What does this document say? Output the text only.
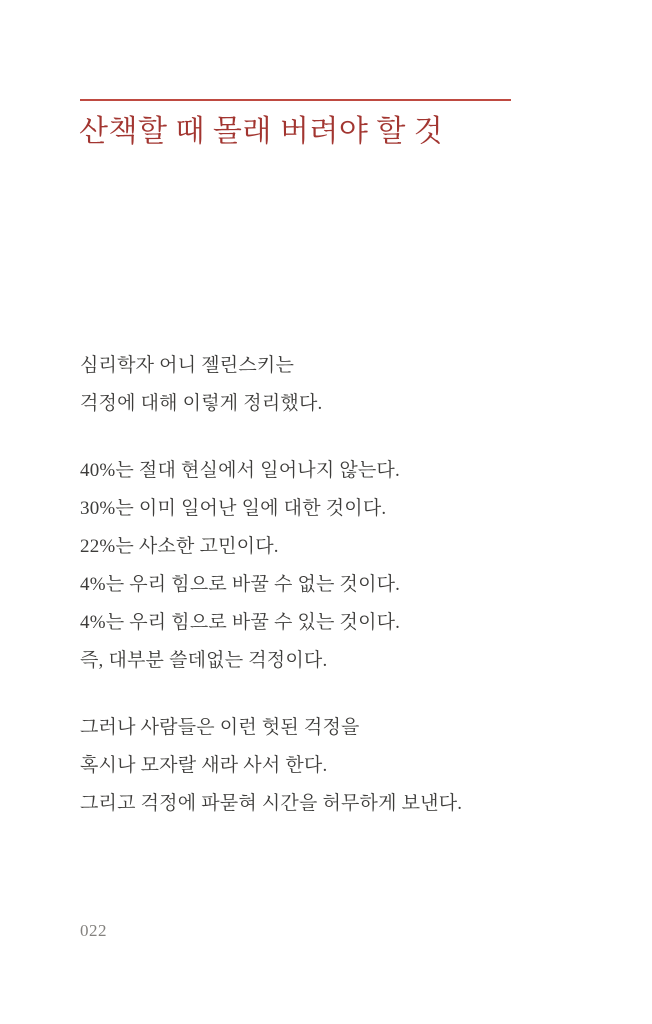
산책할 때 몰래 버려야 할 것

심리학자 어니 젤린스키는

걱정에 대해 이렇게 정리했다.

40%는 절대 현실에서 일어나지 않는다.

30%는 이미 일어난 일에 대한 것이다.

22%는 사소한 고민이다.

4%는 우리 힘으로 바꿀 수 없는 것이다.

4%는 우리 힘으로 바꿀 수 있는 것이다.

즉, 대부분 쓸데없는 걱정이다.

그러나 사람들은 이런 헛된 걱정을

혹시나 모자랄 새라 사서 한다.

그리고 걱정에 파묻혀 시간을 허무하게 보낸다.

022
